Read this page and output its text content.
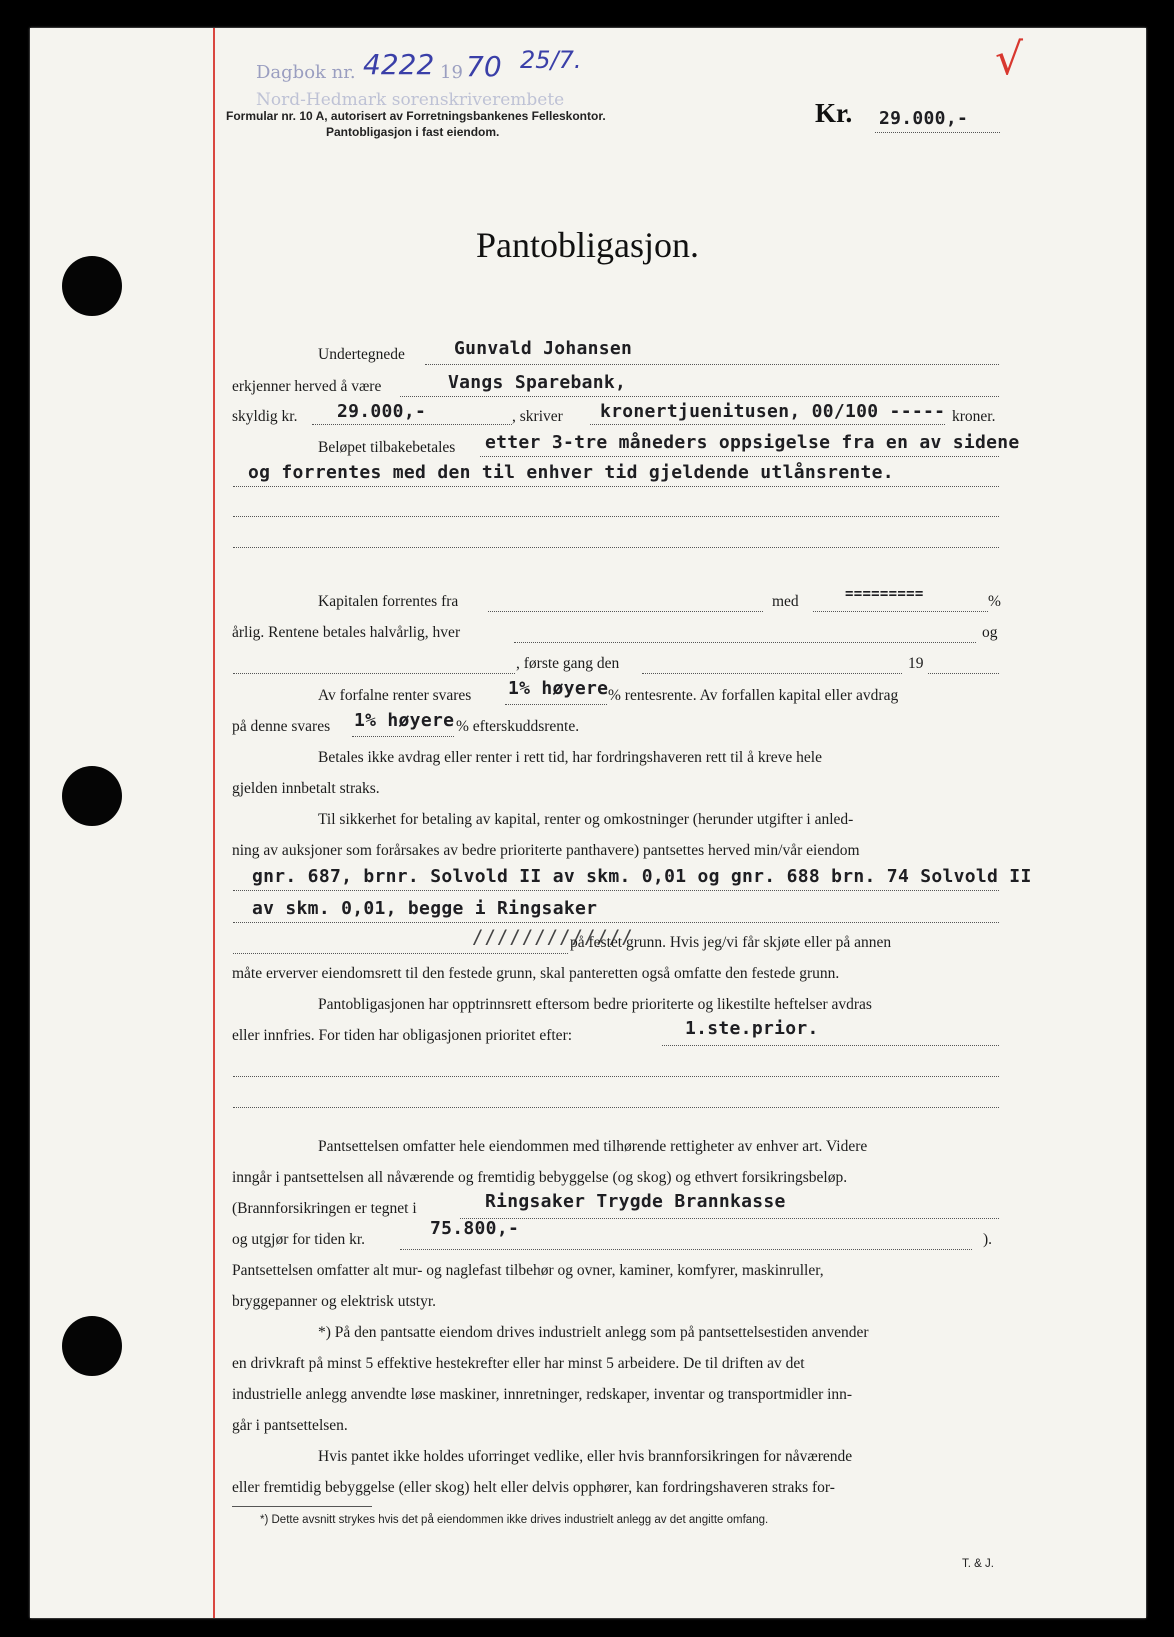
Dagbok nr. 4222 19 70 25/7.
Nord-Hedmark sorenskriverembete
√
Formular nr. 10 A, autorisert av Forretningsbankenes Felleskontor.
Pantobligasjon i fast eiendom.
Kr. 29.000,-
Pantobligasjon.
Undertegnede	Gunvald Johansen
erkjenner herved å være	Vangs Sparebank,
skyldig kr. 29.000,-	, skriver kronertjuenitusen, 00/100 ----- kroner.
Beløpet tilbakebetales etter 3-tre måneders oppsigelse fra en av sidene
og forrentes med den til enhver tid gjeldende utlånsrente.
Kapitalen forrentes fra	med	=========	%
årlig. Rentene betales halvårlig, hver	og
, første gang den	19
Av forfalne renter svares 1% høyere % rentesrente. Av forfallen kapital eller avdrag
på denne svares 1% høyere % efterskuddsrente.
Betales ikke avdrag eller renter i rett tid, har fordringshaveren rett til å kreve hele
gjelden innbetalt straks.
Til sikkerhet for betaling av kapital, renter og omkostninger (herunder utgifter i anled-
ning av auksjoner som forårsakes av bedre prioriterte panthavere) pantsettes herved min/vår eiendom
gnr. 687, brnr. Solvold II av skm. 0,01 og gnr. 688 brn. 74 Solvold II
av skm. 0,01, begge i Ringsaker
/////////////
på festet grunn. Hvis jeg/vi får skjøte eller på annen
måte erverver eiendomsrett til den festede grunn, skal panteretten også omfatte den festede grunn.
Pantobligasjonen har opptrinnsrett eftersom bedre prioriterte og likestilte heftelser avdras
eller innfries. For tiden har obligasjonen prioritet efter:	1.ste.prior.
Pantsettelsen omfatter hele eiendommen med tilhørende rettigheter av enhver art. Videre
inngår i pantsettelsen all nåværende og fremtidig bebyggelse (og skog) og ethvert forsikringsbeløp.
(Brannforsikringen er tegnet i	Ringsaker Trygde Brannkasse
og utgjør for tiden kr.
75.800,-
).
Pantsettelsen omfatter alt mur- og naglefast tilbehør og ovner, kaminer, komfyrer, maskinruller,
bryggepanner og elektrisk utstyr.
*) På den pantsatte eiendom drives industrielt anlegg som på pantsettelsestiden anvender
en drivkraft på minst 5 effektive hestekrefter eller har minst 5 arbeidere. De til driften av det
industrielle anlegg anvendte løse maskiner, innretninger, redskaper, inventar og transportmidler inn-
går i pantsettelsen.
Hvis pantet ikke holdes uforringet vedlike, eller hvis brannforsikringen for nåværende
eller fremtidig bebyggelse (eller skog) helt eller delvis opphører, kan fordringshaveren straks for-
*) Dette avsnitt strykes hvis det på eiendommen ikke drives industrielt anlegg av det angitte omfang.
T. & J.
